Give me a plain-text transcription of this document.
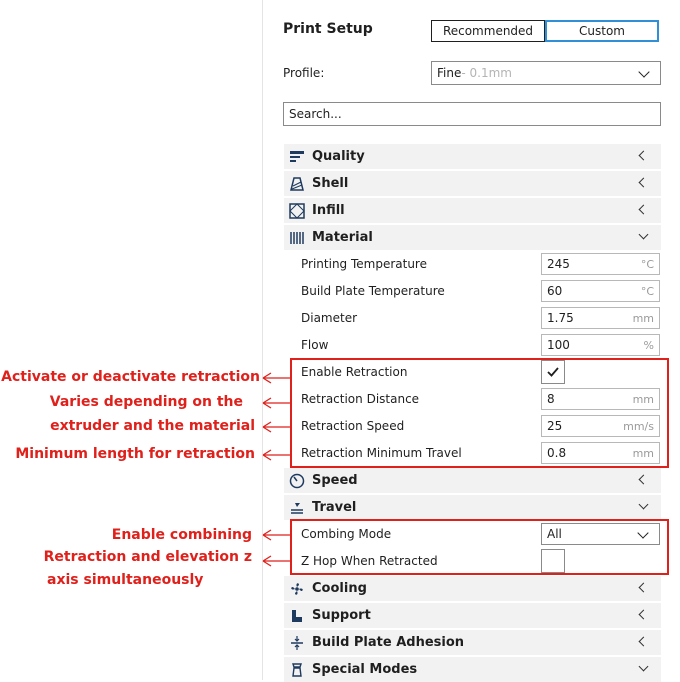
Print Setup	Recommended	Custom
Profile:	Fine - 0.1mm
Search...
Quality
Shell
Infill
Material
Printing Temperature	245	°C
Build Plate Temperature	60	°C
Diameter	1.75	mm
Flow	100	%
Enable Retraction
Retraction Distance	8	mm
Retraction Speed	25	mm/s
Retraction Minimum Travel	0.8	mm
Speed
Travel
Combing Mode	All
Z Hop When Retracted
Cooling
Support
Build Plate Adhesion
Special Modes
Activate or deactivate retraction
Varies depending on the
extruder and the material
Minimum length for retraction
Enable combining
Retraction and elevation z
axis simultaneously
